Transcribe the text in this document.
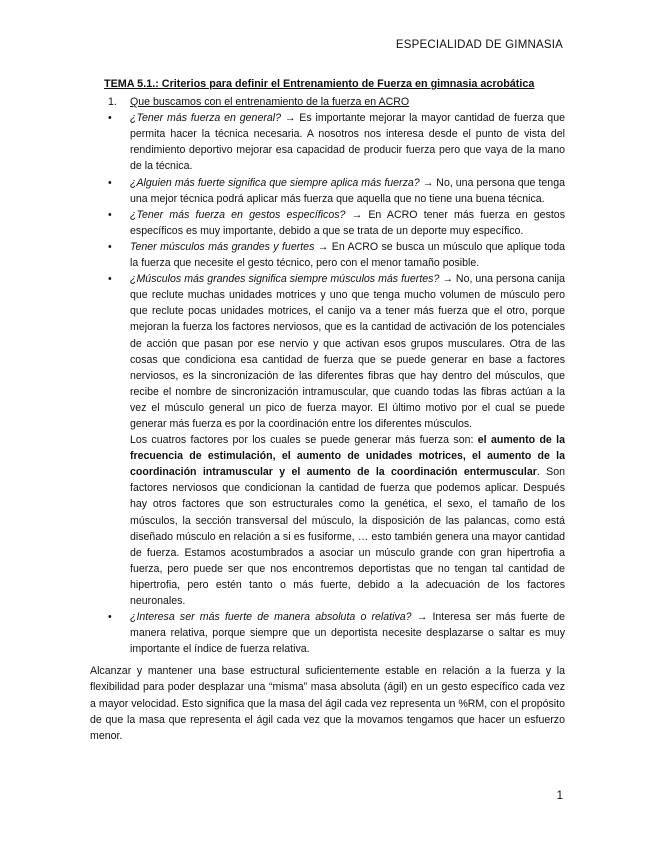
ESPECIALIDAD DE GIMNASIA
TEMA 5.1.: Criterios para definir el Entrenamiento de Fuerza en gimnasia acrobática
1. Que buscamos con el entrenamiento de la fuerza en ACRO
• ¿Tener más fuerza en general? → Es importante mejorar la mayor cantidad de fuerza que permita hacer la técnica necesaria. A nosotros nos interesa desde el punto de vista del rendimiento deportivo mejorar esa capacidad de producir fuerza pero que vaya de la mano de la técnica.
• ¿Alguien más fuerte significa que siempre aplica más fuerza? → No, una persona que tenga una mejor técnica podrá aplicar más fuerza que aquella que no tiene una buena técnica.
• ¿Tener más fuerza en gestos específicos? → En ACRO tener más fuerza en gestos específicos es muy importante, debido a que se trata de un deporte muy específico.
• Tener músculos más grandes y fuertes → En ACRO se busca un músculo que aplique toda la fuerza que necesite el gesto técnico, pero con el menor tamaño posible.
• ¿Músculos más grandes significa siempre músculos más fuertes? → No, una persona canija que reclute muchas unidades motrices y uno que tenga mucho volumen de músculo pero que reclute pocas unidades motrices, el canijo va a tener más fuerza que el otro, porque mejoran la fuerza los factores nerviosos, que es la cantidad de activación de los potenciales de acción que pasan por ese nervio y que activan esos grupos musculares. Otra de las cosas que condiciona esa cantidad de fuerza que se puede generar en base a factores nerviosos, es la sincronización de las diferentes fibras que hay dentro del músculos, que recibe el nombre de sincronización intramuscular, que cuando todas las fibras actúan a la vez el músculo general un pico de fuerza mayor. El último motivo por el cual se puede generar más fuerza es por la coordinación entre los diferentes músculos.
Los cuatros factores por los cuales se puede generar más fuerza son: el aumento de la frecuencia de estimulación, el aumento de unidades motrices, el aumento de la coordinación intramuscular y el aumento de la coordinación entermuscular. Son factores nerviosos que condicionan la cantidad de fuerza que podemos aplicar. Después hay otros factores que son estructurales como la genética, el sexo, el tamaño de los músculos, la sección transversal del músculo, la disposición de las palancas, como está diseñado músculo en relación a si es fusiforme, … esto también genera una mayor cantidad de fuerza. Estamos acostumbrados a asociar un músculo grande con gran hipertrofia a fuerza, pero puede ser que nos encontremos deportistas que no tengan tal cantidad de hipertrofia, pero estén tanto o más fuerte, debido a la adecuación de los factores neuronales.
• ¿Interesa ser más fuerte de manera absoluta o relativa? → Interesa ser más fuerte de manera relativa, porque siempre que un deportista necesite desplazarse o saltar es muy importante el índice de fuerza relativa.
Alcanzar y mantener una base estructural suficientemente estable en relación a la fuerza y la flexibilidad para poder desplazar una “misma” masa absoluta (ágil) en un gesto específico cada vez a mayor velocidad. Esto significa que la masa del ágil cada vez representa un %RM, con el propósito de que la masa que representa el ágil cada vez que la movamos tengamos que hacer un esfuerzo menor.
1
